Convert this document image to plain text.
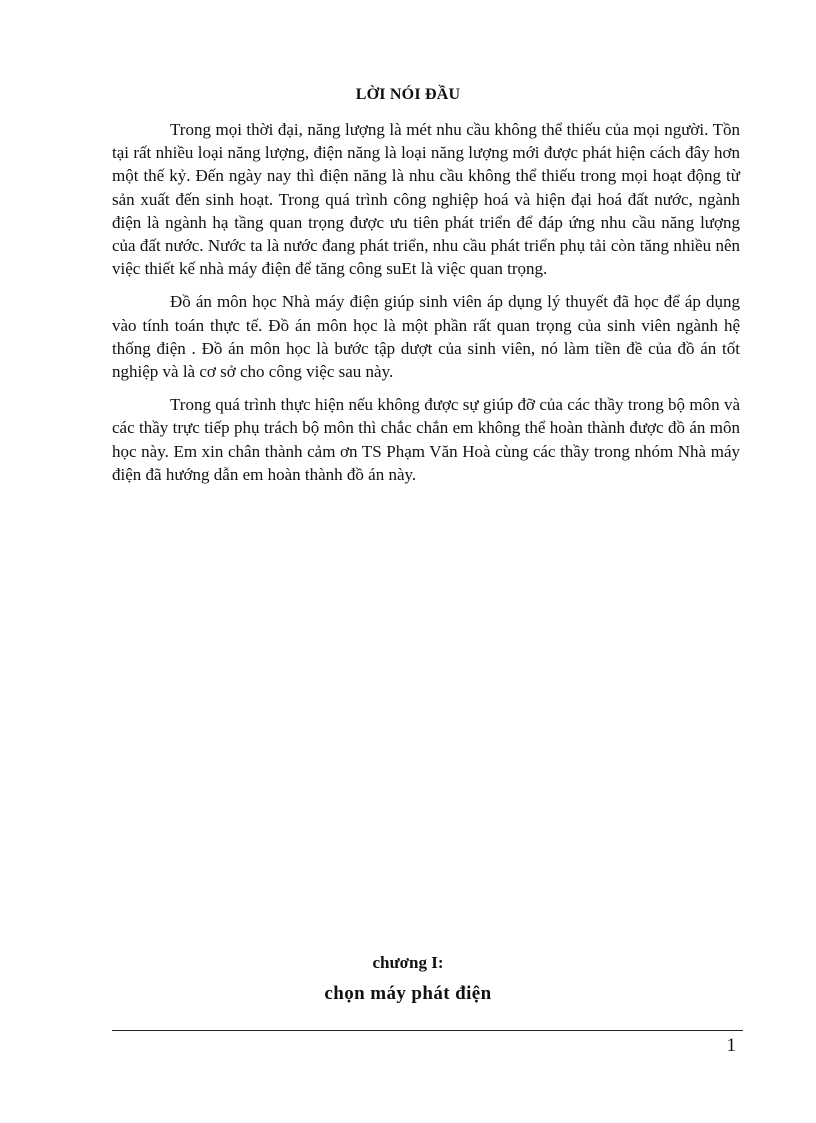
LỜI NÓI ĐẦU

Trong mọi thời đại, năng lượng là mét nhu cầu không thể thiếu của mọi người. Tồn tại rất nhiều loại năng lượng, điện năng là loại năng lượng mới được phát hiện cách đây hơn một thế kỷ. Đến ngày nay thì điện năng là nhu cầu không thể thiếu trong mọi hoạt động từ sản xuất đến sinh hoạt. Trong quá trình công nghiệp hoá và hiện đại hoá đất nước, ngành điện là ngành hạ tầng quan trọng được ưu tiên phát triển để đáp ứng nhu cầu năng lượng của đất nước. Nước ta là nước đang phát triển, nhu cầu phát triển phụ tải còn tăng nhiều nên việc thiết kế nhà máy điện để tăng công suEt là việc quan trọng.

Đồ án môn học Nhà máy điện giúp sinh viên áp dụng lý thuyết đã học để áp dụng vào tính toán thực tế. Đồ án môn học là một phần rất quan trọng của sinh viên ngành hệ thống điện . Đồ án môn học là bước tập dượt của sinh viên, nó làm tiền đề của đồ án tốt nghiệp và là cơ sở cho công việc sau này.

Trong quá trình thực hiện nếu không được sự giúp đỡ của các thầy trong bộ môn và các thầy trực tiếp phụ trách bộ môn thì chắc chắn em không thể hoàn thành được đồ án môn học này. Em xin chân thành cảm ơn TS Phạm Văn Hoà cùng các thầy trong nhóm Nhà máy điện đã hướng dẫn em hoàn thành đồ án này.

chương I:
chọn máy phát điện
1
